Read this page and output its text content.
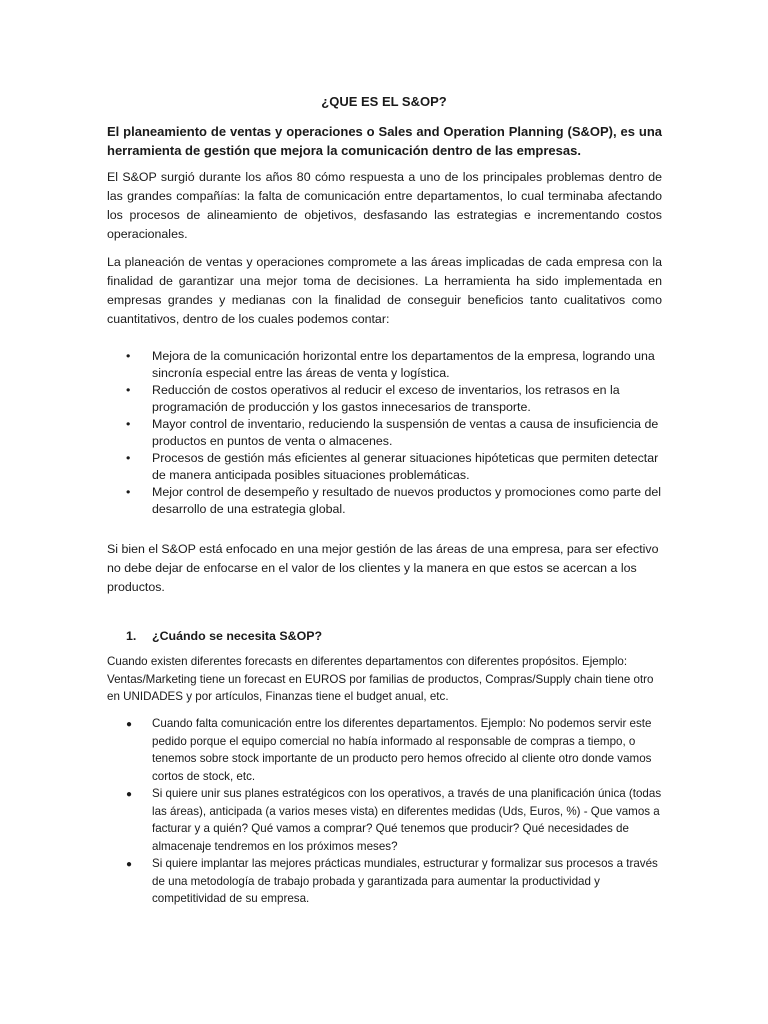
¿QUE ES EL S&OP?

El planeamiento de ventas y operaciones o Sales and Operation Planning (S&OP), es una herramienta de gestión que mejora la comunicación dentro de las empresas.

El S&OP surgió durante los años 80 cómo respuesta a uno de los principales problemas dentro de las grandes compañías: la falta de comunicación entre departamentos, lo cual terminaba afectando los procesos de alineamiento de objetivos, desfasando las estrategias e incrementando costos operacionales.

La planeación de ventas y operaciones compromete a las áreas implicadas de cada empresa con la finalidad de garantizar una mejor toma de decisiones. La herramienta ha sido implementada en empresas grandes y medianas con la finalidad de conseguir beneficios tanto cualitativos como cuantitativos, dentro de los cuales podemos contar:

• Mejora de la comunicación horizontal entre los departamentos de la empresa, logrando una sincronía especial entre las áreas de venta y logística.
• Reducción de costos operativos al reducir el exceso de inventarios, los retrasos en la programación de producción y los gastos innecesarios de transporte.
• Mayor control de inventario, reduciendo la suspensión de ventas a causa de insuficiencia de productos en puntos de venta o almacenes.
• Procesos de gestión más eficientes al generar situaciones hipóteticas que permiten detectar de manera anticipada posibles situaciones problemáticas.
• Mejor control de desempeño y resultado de nuevos productos y promociones como parte del desarrollo de una estrategia global.

Si bien el S&OP está enfocado en una mejor gestión de las áreas de una empresa, para ser efectivo no debe dejar de enfocarse en el valor de los clientes y la manera en que estos se acercan a los productos.

1. ¿Cuándo se necesita S&OP?

Cuando existen diferentes forecasts en diferentes departamentos con diferentes propósitos. Ejemplo: Ventas/Marketing tiene un forecast en EUROS por familias de productos, Compras/Supply chain tiene otro en UNIDADES y por artículos, Finanzas tiene el budget anual, etc.

● Cuando falta comunicación entre los diferentes departamentos. Ejemplo: No podemos servir este pedido porque el equipo comercial no había informado al responsable de compras a tiempo, o tenemos sobre stock importante de un producto pero hemos ofrecido al cliente otro donde vamos cortos de stock, etc.
● Si quiere unir sus planes estratégicos con los operativos, a través de una planificación única (todas las áreas), anticipada (a varios meses vista) en diferentes medidas (Uds, Euros, %) - Que vamos a facturar y a quién? Qué vamos a comprar? Qué tenemos que producir? Qué necesidades de almacenaje tendremos en los próximos meses?
● Si quiere implantar las mejores prácticas mundiales, estructurar y formalizar sus procesos a través de una metodología de trabajo probada y garantizada para aumentar la productividad y competitividad de su empresa.
